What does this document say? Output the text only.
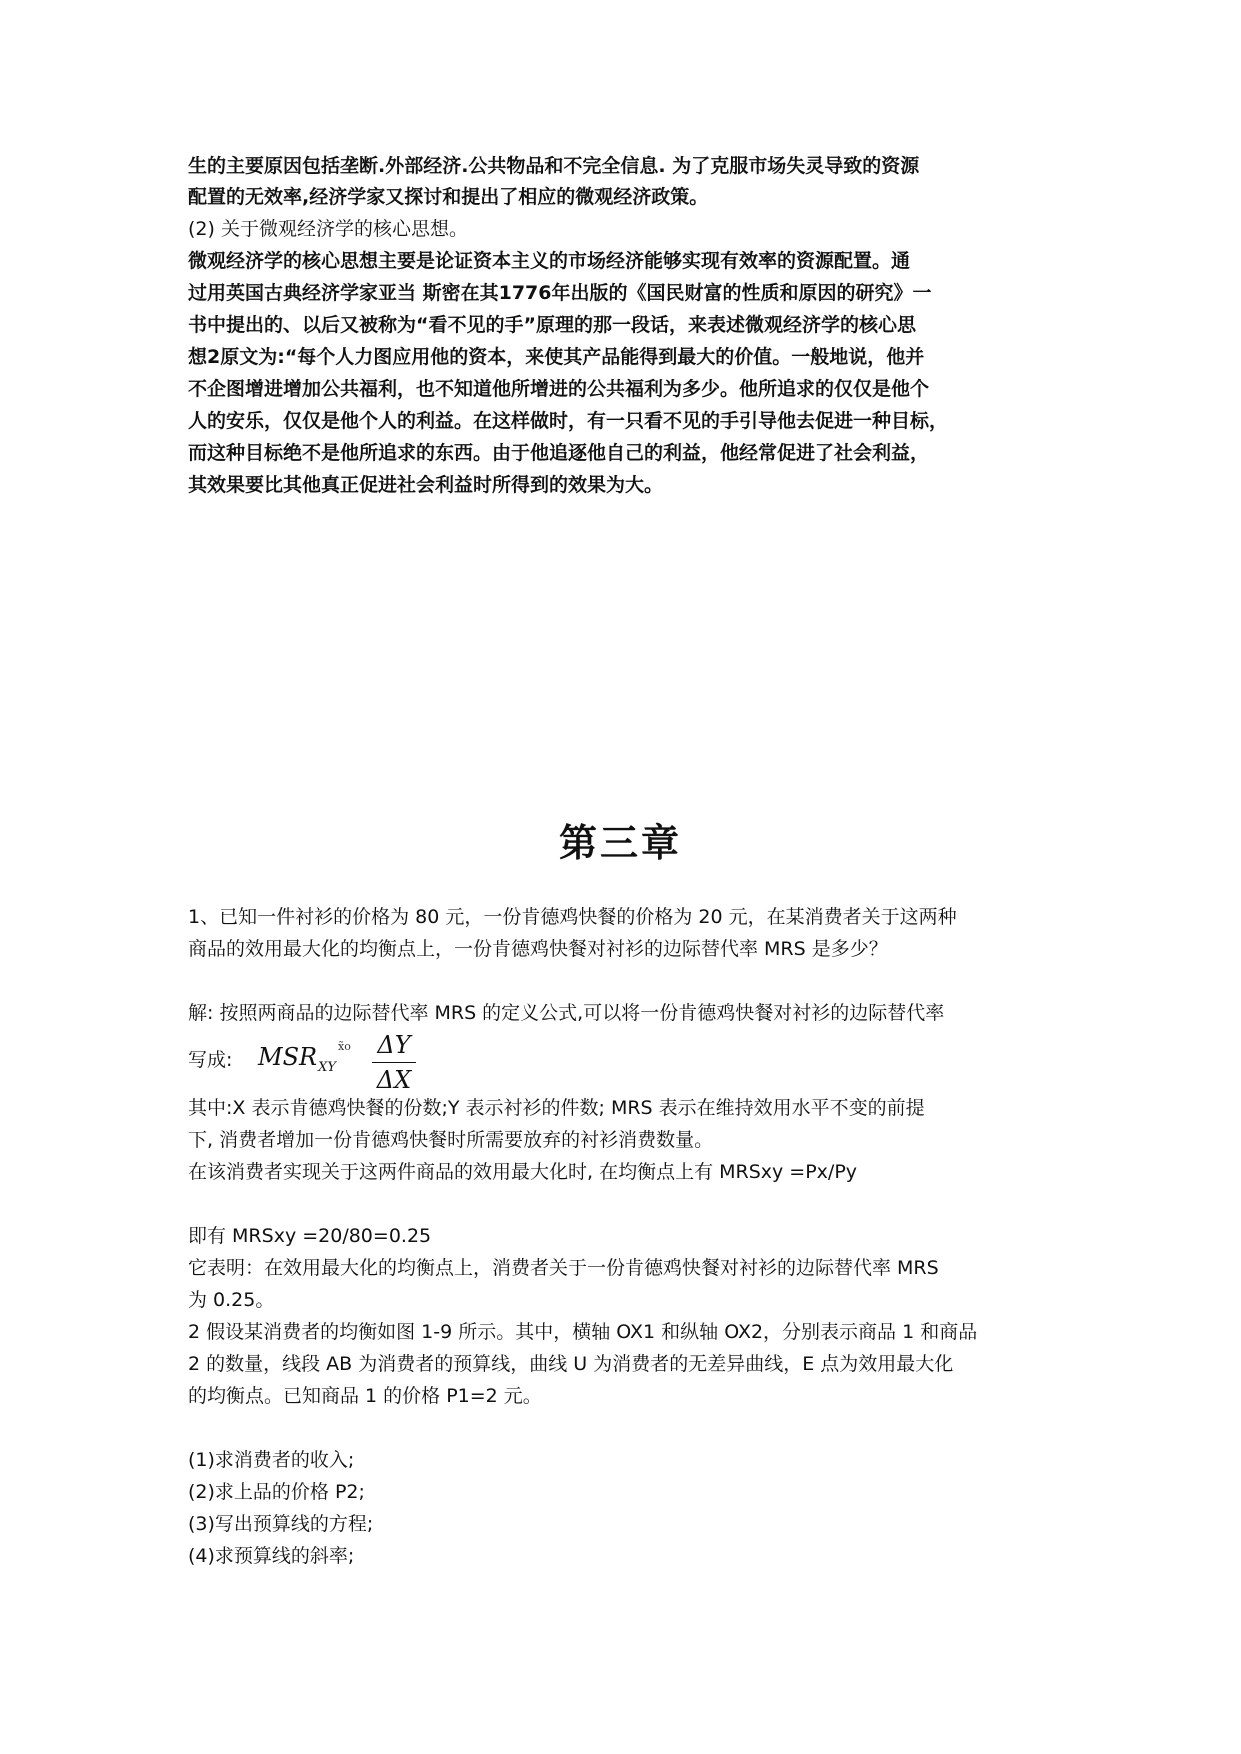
生的主要原因包括垄断.外部经济.公共物品和不完全信息. 为了克服市场失灵导致的资源
配置的无效率,经济学家又探讨和提出了相应的微观经济政策。
(2) 关于微观经济学的核心思想。
微观经济学的核心思想主要是论证资本主义的市场经济能够实现有效率的资源配置。通
过用英国古典经济学家亚当 斯密在其1776年出版的《国民财富的性质和原因的研究》一
书中提出的、以后又被称为“看不见的手”原理的那一段话，来表述微观经济学的核心思
想2原文为:“每个人力图应用他的资本，来使其产品能得到最大的价值。一般地说，他并
不企图增进增加公共福利，也不知道他所增进的公共福利为多少。他所追求的仅仅是他个
人的安乐，仅仅是他个人的利益。在这样做时，有一只看不见的手引导他去促进一种目标，
而这种目标绝不是他所追求的东西。由于他追逐他自己的利益，他经常促进了社会利益，
其效果要比其他真正促进社会利益时所得到的效果为大。
第三章
1、已知一件衬衫的价格为 80 元，一份肯德鸡快餐的价格为 20 元，在某消费者关于这两种
商品的效用最大化的均衡点上，一份肯德鸡快餐对衬衫的边际替代率 MRS 是多少？
解: 按照两商品的边际替代率 MRS 的定义公式,可以将一份肯德鸡快餐对衬衫的边际替代率
写成: $MSR_{XY}$
x̃o ΔY
ΔX
其中:X 表示肯德鸡快餐的份数;Y 表示衬衫的件数; MRS 表示在维持效用水平不变的前提
下, 消费者增加一份肯德鸡快餐时所需要放弃的衬衫消费数量。
在该消费者实现关于这两件商品的效用最大化时, 在均衡点上有 MRSxy =Px/Py
即有 MRSxy =20/80=0.25
它表明：在效用最大化的均衡点上，消费者关于一份肯德鸡快餐对衬衫的边际替代率 MRS
为 0.25。
2 假设某消费者的均衡如图 1-9 所示。其中，横轴 OX1 和纵轴 OX2，分别表示商品 1 和商品
2 的数量，线段 AB 为消费者的预算线，曲线 U 为消费者的无差异曲线，E 点为效用最大化
的均衡点。已知商品 1 的价格 P1=2 元。
(1)求消费者的收入;
(2)求上品的价格 P2;
(3)写出预算线的方程;
(4)求预算线的斜率;
